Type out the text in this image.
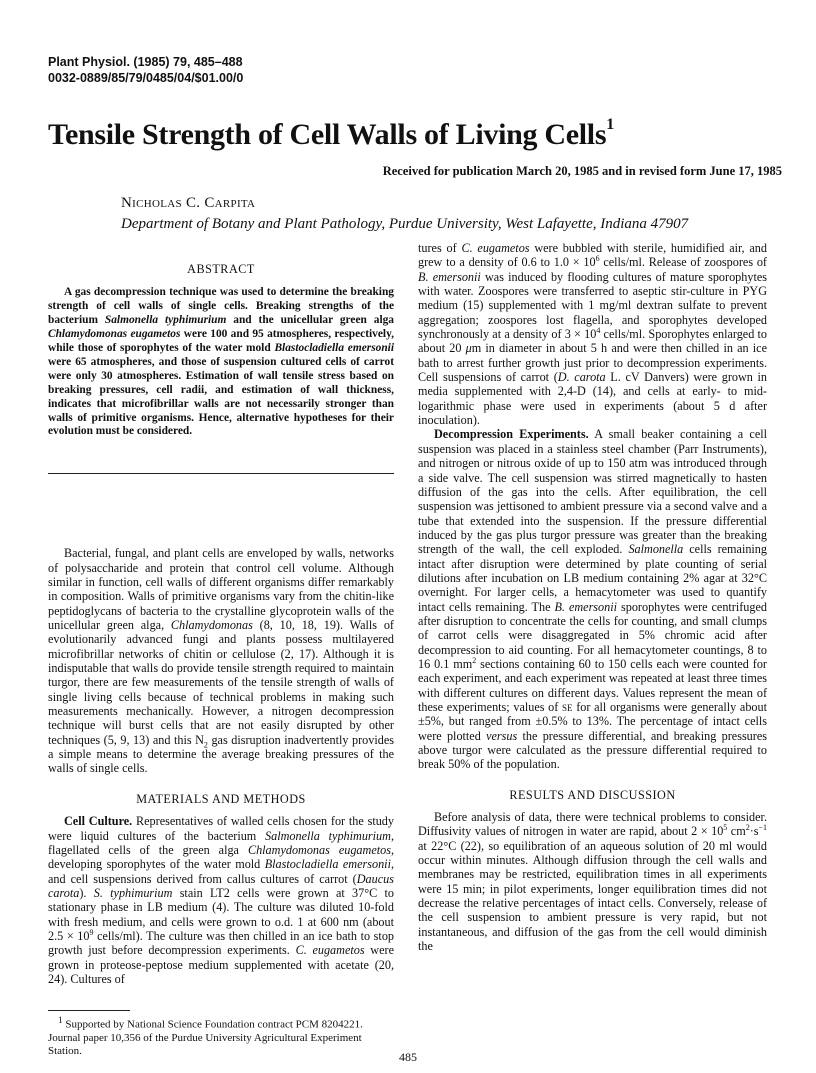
Plant Physiol. (1985) 79, 485–488
0032-0889/85/79/0485/04/$01.00/0
Tensile Strength of Cell Walls of Living Cells$^1$
Received for publication March 20, 1985 and in revised form June 17, 1985
Nicholas C. Carpita
Department of Botany and Plant Pathology, Purdue University, West Lafayette, Indiana 47907
ABSTRACT

A gas decompression technique was used to determine the breaking strength of cell walls of single cells. Breaking strengths of the bacterium Salmonella typhimurium and the unicellular green alga Chlamydomonas eugametos were 100 and 95 atmospheres, respectively, while those of sporophytes of the water mold Blastocladiella emersonii were 65 atmospheres, and those of suspension cultured cells of carrot were only 30 atmospheres. Estimation of wall tensile stress based on breaking pressures, cell radii, and estimation of wall thickness, indicates that microfibrillar walls are not necessarily stronger than walls of primitive organisms. Hence, alternative hypotheses for their evolution must be considered.

Bacterial, fungal, and plant cells are enveloped by walls, networks of polysaccharide and protein that control cell volume. Although similar in function, cell walls of different organisms differ remarkably in composition. Walls of primitive organisms vary from the chitin-like peptidoglycans of bacteria to the crystalline glycoprotein walls of the unicellular green alga, Chlamydomonas (8, 10, 18, 19). Walls of evolutionarily advanced fungi and plants possess multilayered microfibrillar networks of chitin or cellulose (2, 17). Although it is indisputable that walls do provide tensile strength required to maintain turgor, there are few measurements of the tensile strength of walls of single living cells because of technical problems in making such measurements mechanically. However, a nitrogen decompression technique will burst cells that are not easily disrupted by other techniques (5, 9, 13) and this $N_2$ gas disruption inadvertently provides a simple means to determine the average breaking pressures of the walls of single cells.

MATERIALS AND METHODS

Cell Culture. Representatives of walled cells chosen for the study were liquid cultures of the bacterium Salmonella typhimurium, flagellated cells of the green alga Chlamydomonas eugametos, developing sporophytes of the water mold Blastocladiella emersonii, and cell suspensions derived from callus cultures of carrot (Daucus carota). S. typhimurium stain LT2 cells were grown at 37°C to stationary phase in LB medium (4). The culture was diluted 10-fold with fresh medium, and cells were grown to o.d. 1 at 600 nm (about $2.5 \times 10^9$ cells/ml). The culture was then chilled in an ice bath to stop growth just before decompression experiments. C. eugametos were grown in proteose-peptose medium supplemented with acetate (20, 24). Cultures of

$^1$ Supported by National Science Foundation contract PCM 8204221. Journal paper 10,356 of the Purdue University Agricultural Experiment Station.

tures of C. eugametos were bubbled with sterile, humidified air, and grew to a density of 0.6 to $1.0 \times 10^6$ cells/ml. Release of zoospores of B. emersonii was induced by flooding cultures of mature sporophytes with water. Zoospores were transferred to aseptic stir-culture in PYG medium (15) supplemented with 1 mg/ml dextran sulfate to prevent aggregation; zoospores lost flagella, and sporophytes developed synchronously at a density of $3 \times 10^4$ cells/ml. Sporophytes enlarged to about 20 μm in diameter in about 5 h and were then chilled in an ice bath to arrest further growth just prior to decompression experiments. Cell suspensions of carrot (D. carota L. cV Danvers) were grown in media supplemented with 2,4-D (14), and cells at early- to mid-logarithmic phase were used in experiments (about 5 d after inoculation).

Decompression Experiments. A small beaker containing a cell suspension was placed in a stainless steel chamber (Parr Instruments), and nitrogen or nitrous oxide of up to 150 atm was introduced through a side valve. The cell suspension was stirred magnetically to hasten diffusion of the gas into the cells. After equilibration, the cell suspension was jettisoned to ambient pressure via a second valve and a tube that extended into the suspension. If the pressure differential induced by the gas plus turgor pressure was greater than the breaking strength of the wall, the cell exploded. Salmonella cells remaining intact after disruption were determined by plate counting of serial dilutions after incubation on LB medium containing 2% agar at 32°C overnight. For larger cells, a hemacytometer was used to quantify intact cells remaining. The B. emersonii sporophytes were centrifuged after disruption to concentrate the cells for counting, and small clumps of carrot cells were disaggregated in 5% chromic acid after decompression to aid counting. For all hemacytometer countings, 8 to 16 0.1 $mm^2$ sections containing 60 to 150 cells each were counted for each experiment, and each experiment was repeated at least three times with different cultures on different days. Values represent the mean of these experiments; values of se for all organisms were generally about ±5%, but ranged from ±0.5% to 13%. The percentage of intact cells were plotted versus the pressure differential, and breaking pressures above turgor were calculated as the pressure differential required to break 50% of the population.

RESULTS AND DISCUSSION

Before analysis of data, there were technical problems to consider. Diffusivity values of nitrogen in water are rapid, about $2 \times 10^5$ $cm^2\cdot s^{-1}$ at 22°C (22), so equilibration of an aqueous solution of 20 ml would occur within minutes. Although diffusion through the cell walls and membranes may be restricted, equilibration times in all experiments were 15 min; in pilot experiments, longer equilibration times did not decrease the relative percentages of intact cells. Conversely, release of the cell suspension to ambient pressure is very rapid, but not instantaneous, and diffusion of the gas from the cell would diminish the

485
